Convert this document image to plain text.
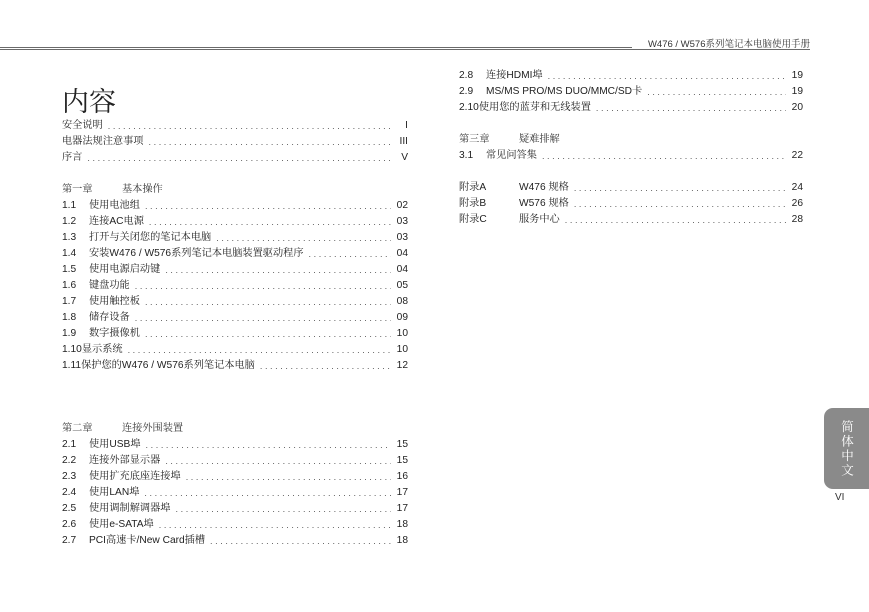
W476 / W576系列笔记本电脑使用手册
内容
安全说明 .....	I
电器法规注意事项 .....	III
序言 .....	V
第一章	基本操作
1.1	使用电池组 .....	02
1.2	连接AC电源 .....	03
1.3	打开与关闭您的笔记本电脑 .....	03
1.4	安装W476 / W576系列笔记本电脑装置驱动程序 .....	04
1.5	使用电源启动键 .....	04
1.6	键盘功能 .....	05
1.7	使用触控板 .....	08
1.8	储存设备 .....	09
1.9	数字摄像机 .....	10
1.10 显示系统 .....	10
1.11 保护您的W476 / W576系列笔记本电脑 .....	12
第二章	连接外围装置
2.1	使用USB埠 .....	15
2.2	连接外部显示器 .....	15
2.3	使用扩充底座连接埠 .....	16
2.4	使用LAN埠 .....	17
2.5	使用调制解调器埠 .....	17
2.6	使用e-SATA埠 .....	18
2.7	PCI高速卡/New Card插槽 .....	18
2.8	连接HDMI埠 .....	19
2.9	MS/MS PRO/MS DUO/MMC/SD卡 .....	19
2.10 使用您的蓝芽和无线装置 .....	20
第三章	疑难排解
3.1	常见问答集 .....	22
附录A	W476 规格 .....	24
附录B	W576 规格 .....	26
附录C	服务中心 .....	28
简体中文
VI
